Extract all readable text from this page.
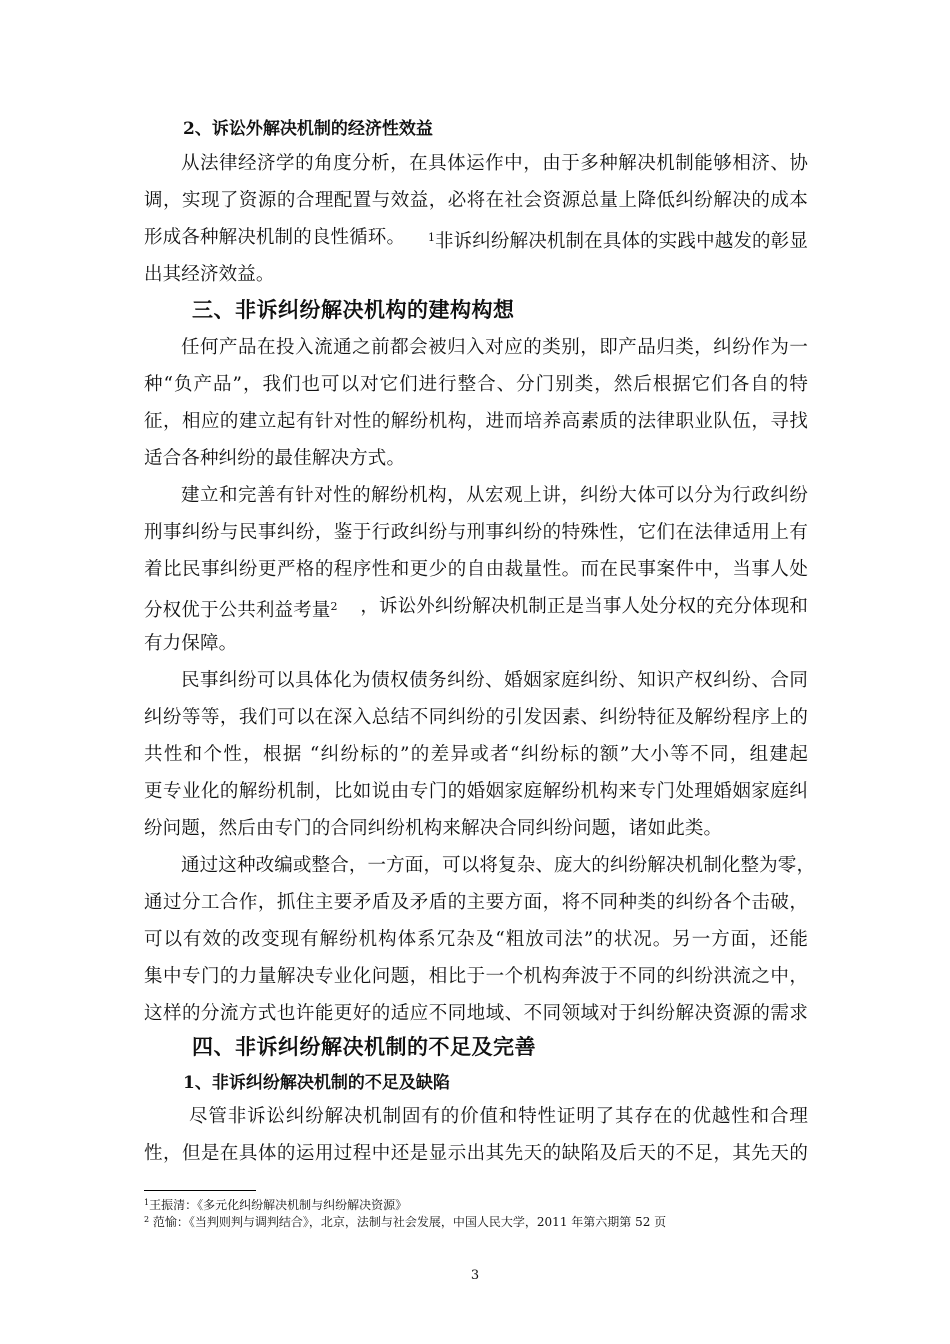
2、诉讼外解决机制的经济性效益
从法律经济学的角度分析，在具体运作中，由于多种解决机制能够相济、协
调，实现了资源的合理配置与效益，必将在社会资源总量上降低纠纷解决的成本
形成各种解决机制的良性循环。 $^1$非诉纠纷解决机制在具体的实践中越发的彰显
出其经济效益。
三、非诉纠纷解决机构的建构构想
任何产品在投入流通之前都会被归入对应的类别，即产品归类，纠纷作为一
种“负产品”，我们也可以对它们进行整合、分门别类，然后根据它们各自的特
征，相应的建立起有针对性的解纷机构，进而培养高素质的法律职业队伍，寻找
适合各种纠纷的最佳解决方式。
建立和完善有针对性的解纷机构，从宏观上讲，纠纷大体可以分为行政纠纷
刑事纠纷与民事纠纷，鉴于行政纠纷与刑事纠纷的特殊性，它们在法律适用上有
着比民事纠纷更严格的程序性和更少的自由裁量性。而在民事案件中，当事人处
分权优于公共利益考量$^2$ ，诉讼外纠纷解决机制正是当事人处分权的充分体现和
有力保障。
民事纠纷可以具体化为债权债务纠纷、婚姻家庭纠纷、知识产权纠纷、合同
纠纷等等，我们可以在深入总结不同纠纷的引发因素、纠纷特征及解纷程序上的
共性和个性，根据 “纠纷标的”的差异或者“纠纷标的额”大小等不同，组建起
更专业化的解纷机制，比如说由专门的婚姻家庭解纷机构来专门处理婚姻家庭纠
纷问题，然后由专门的合同纠纷机构来解决合同纠纷问题，诸如此类。
通过这种改编或整合，一方面，可以将复杂、庞大的纠纷解决机制化整为零，
通过分工合作，抓住主要矛盾及矛盾的主要方面，将不同种类的纠纷各个击破，
可以有效的改变现有解纷机构体系冗杂及“粗放司法”的状况。另一方面，还能
集中专门的力量解决专业化问题，相比于一个机构奔波于不同的纠纷洪流之中，
这样的分流方式也许能更好的适应不同地域、不同领域对于纠纷解决资源的需求
四、非诉纠纷解决机制的不足及完善
1、非诉纠纷解决机制的不足及缺陷
尽管非诉讼纠纷解决机制固有的价值和特性证明了其存在的优越性和合理
性，但是在具体的运用过程中还是显示出其先天的缺陷及后天的不足，其先天的
$^1$王振清：《多元化纠纷解决机制与纠纷解决资源》
$^2$ 范愉：《当判则判与调判结合》，北京，法制与社会发展，中国人民大学，2011 年第六期第 52 页
3
